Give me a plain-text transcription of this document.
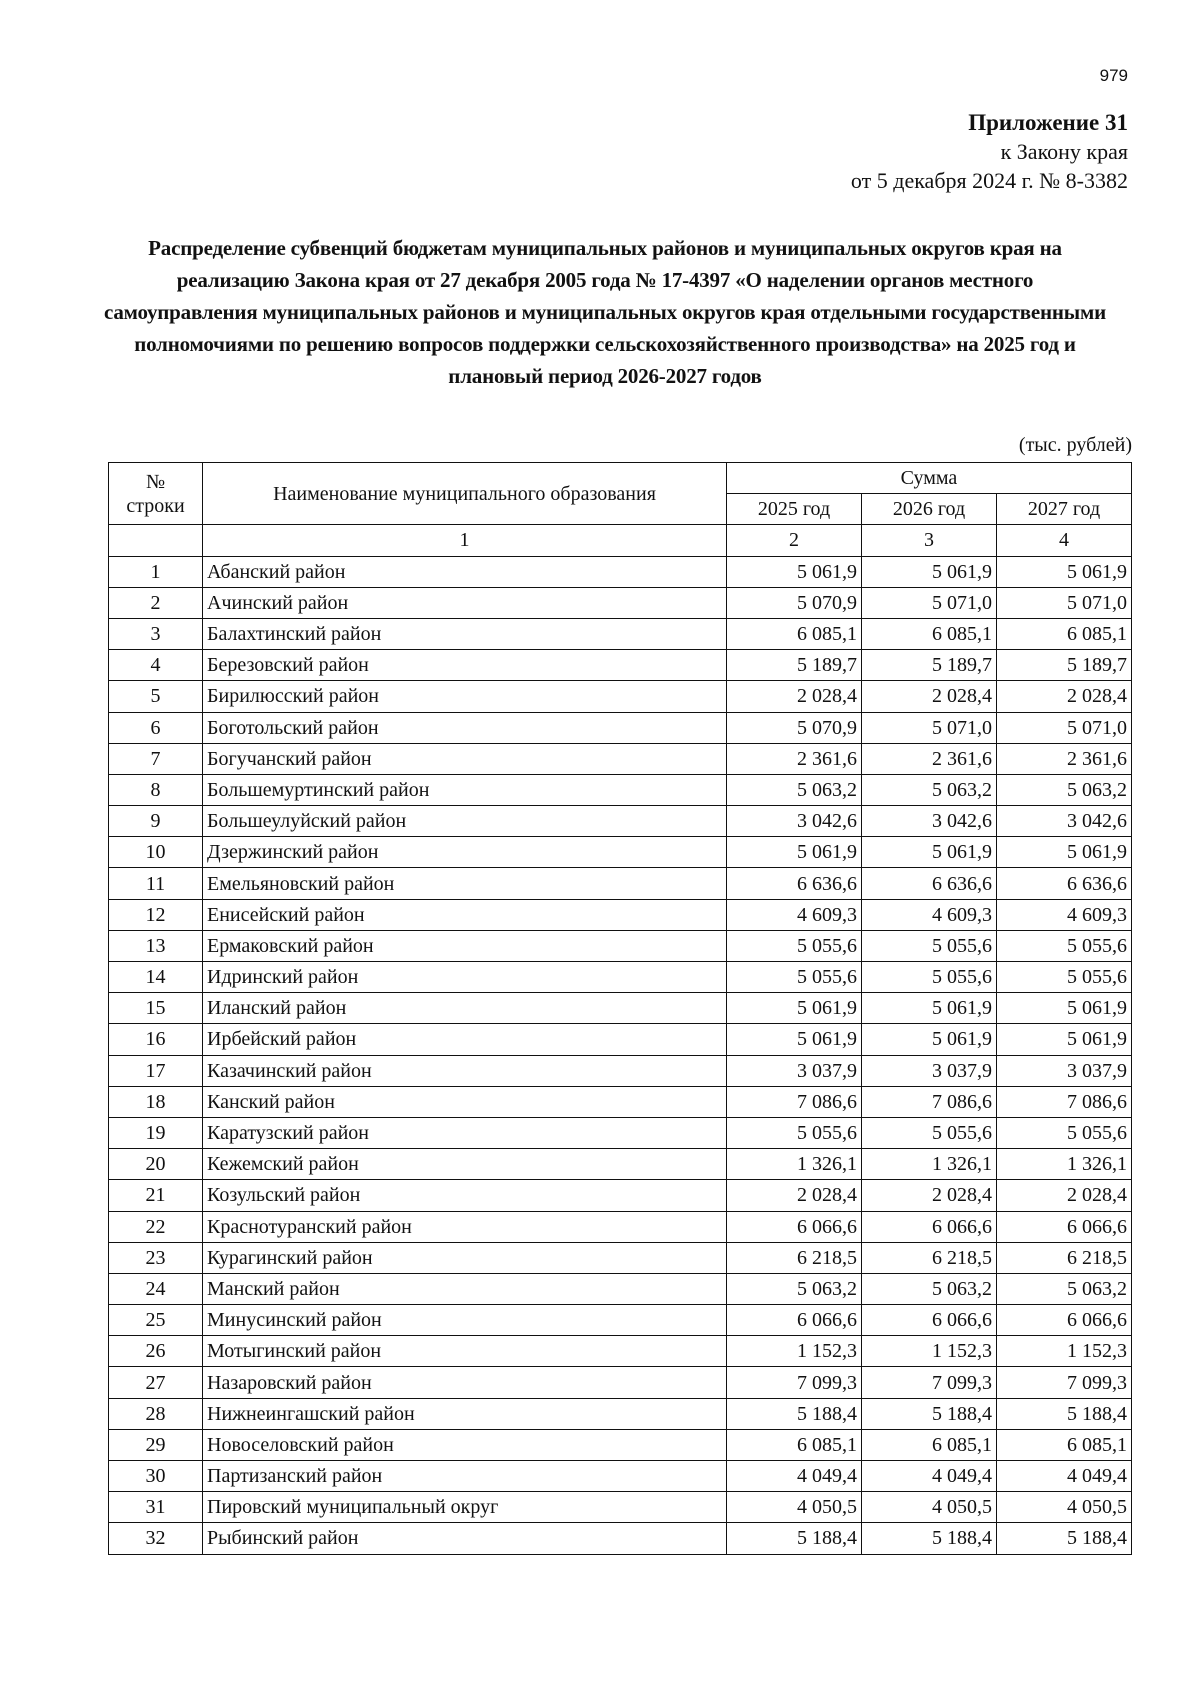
979
Приложение 31
к Закону края
от 5 декабря 2024 г. № 8-3382
Распределение субвенций бюджетам муниципальных районов и муниципальных округов края на реализацию Закона края от 27 декабря 2005 года № 17-4397 «О наделении органов местного самоуправления муниципальных районов и муниципальных округов края отдельными государственными полномочиями по решению вопросов поддержки сельскохозяйственного производства» на 2025 год и плановый период 2026-2027 годов
(тыс. рублей)
№
строки	Наименование муниципального образования	Сумма		
		2025 год	2026 год	2027 год
	1	2	3	4
1	Абанский район	5 061,9	5 061,9	5 061,9
2	Ачинский район	5 070,9	5 071,0	5 071,0
3	Балахтинский район	6 085,1	6 085,1	6 085,1
4	Березовский район	5 189,7	5 189,7	5 189,7
5	Бирилюсский район	2 028,4	2 028,4	2 028,4
6	Боготольский район	5 070,9	5 071,0	5 071,0
7	Богучанский район	2 361,6	2 361,6	2 361,6
8	Большемуртинский район	5 063,2	5 063,2	5 063,2
9	Большеулуйский район	3 042,6	3 042,6	3 042,6
10	Дзержинский район	5 061,9	5 061,9	5 061,9
11	Емельяновский район	6 636,6	6 636,6	6 636,6
12	Енисейский район	4 609,3	4 609,3	4 609,3
13	Ермаковский район	5 055,6	5 055,6	5 055,6
14	Идринский район	5 055,6	5 055,6	5 055,6
15	Иланский район	5 061,9	5 061,9	5 061,9
16	Ирбейский район	5 061,9	5 061,9	5 061,9
17	Казачинский район	3 037,9	3 037,9	3 037,9
18	Канский район	7 086,6	7 086,6	7 086,6
19	Каратузский район	5 055,6	5 055,6	5 055,6
20	Кежемский район	1 326,1	1 326,1	1 326,1
21	Козульский район	2 028,4	2 028,4	2 028,4
22	Краснотуранский район	6 066,6	6 066,6	6 066,6
23	Курагинский район	6 218,5	6 218,5	6 218,5
24	Манский район	5 063,2	5 063,2	5 063,2
25	Минусинский район	6 066,6	6 066,6	6 066,6
26	Мотыгинский район	1 152,3	1 152,3	1 152,3
27	Назаровский район	7 099,3	7 099,3	7 099,3
28	Нижнеингашский район	5 188,4	5 188,4	5 188,4
29	Новоселовский район	6 085,1	6 085,1	6 085,1
30	Партизанский район	4 049,4	4 049,4	4 049,4
31	Пировский муниципальный округ	4 050,5	4 050,5	4 050,5
32	Рыбинский район	5 188,4	5 188,4	5 188,4
